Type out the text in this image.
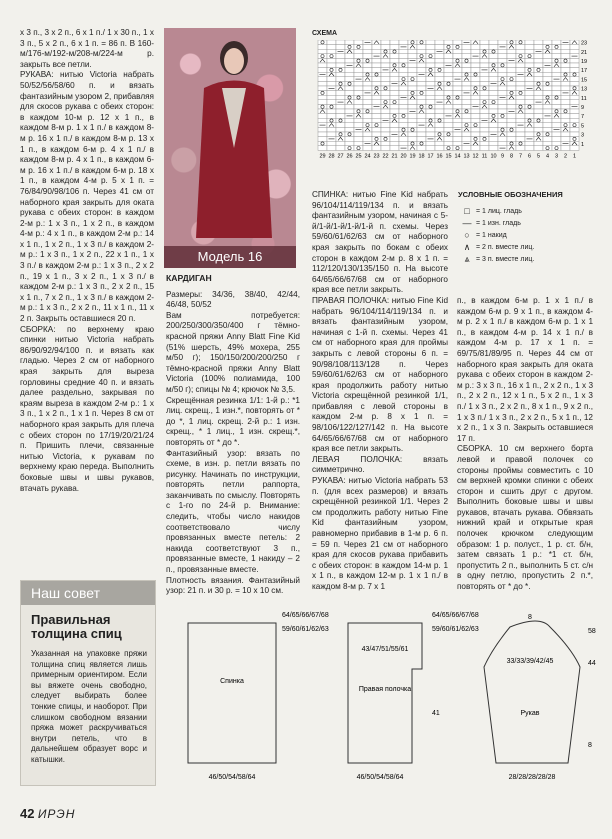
х 3 п., 3 х 2 п., 6 х 1 п./ 1 х 30 п., 1 х 3 п., 5 х 2 п., 6 х 1 п. = 86 п. В 160-м/176-м/192-м/208-м/224-м р. закрыть все петли.

РУКАВА: нитью Victoria набрать 50/52/56/58/60 п. и вязать фантазийным узором 2, прибавляя для скосов рукава с обеих сторон: в каждом 10-м р. 12 х 1 п., в каждом 8-м р. 1 х 1 п./ в каждом 8-м р. 16 х 1 п./ в каждом 8-м р. 13 х 1 п., в каждом 6-м р. 4 х 1 п./ в каждом 8-м р. 4 х 1 п., в каждом 6-м р. 16 х 1 п./ в каждом 6-м р. 18 х 1 п., в каждом 4-м р. 5 х 1 п. = 76/84/90/98/106 п. Через 41 см от наборного края закрыть для оката рукава с обеих сторон: в каждом 2-м р.: 1 х 3 п., 1 х 2 п., в каждом 4-м р.: 4 х 1 п., в каждом 2-м р.: 14 х 1 п., 1 х 2 п., 1 х 3 п./ в каждом 2-м р.: 1 х 3 п., 1 х 2 п., 22 х 1 п., 1 х 3 п./ в каждом 2-м р.: 1 х 3 п., 2 х 2 п., 19 х 1 п., 3 х 2 п., 1 х 3 п./ в каждом 2-м р.: 1 х 3 п., 2 х 2 п., 15 х 1 п., 7 х 2 п., 1 х 3 п./ в каждом 2-м р.: 1 х 3 п., 2 х 2 п., 11 х 1 п., 11 х 2 п. Закрыть оставшиеся 20 п.

СБОРКА: по верхнему краю спинки нитью Victoria набрать 86/90/92/94/100 п. и вязать как гладью. Через 2 см от наборного края закрыть для выреза горловины средние 40 п. и вязать далее раздельно, закрывая по краям выреза в каждом 2-м р.: 1 х 3 п., 1 х 2 п., 1 х 1 п. Через 8 см от наборного края закрыть для плеча с обеих сторон по 17/19/20/21/24 п. Пришить плечи, связанные нитью Victoria, к рукавам по верхнему краю переда. Выполнить боковые швы и швы рукавов, втачать рукава.

Модель 16
СХЕМА
23
21
19
17
15
13
11
9
7
5
3
1
29 28 27 26 25 24 23 22 21 20 19 18 17 16 15 14 13 12 11 10 9 8 7 6 5 4 3 2 1
УСЛОВНЫЕ ОБОЗНАЧЕНИЯ
□ = 1 лиц. гладь
— = 1 изн. гладь
○ = 1 накид
∧ = 2 п. вместе лиц.
⩓ = 3 п. вместе лиц.

КАРДИГАН

Размеры: 34/36, 38/40, 42/44, 46/48, 50/52

Вам потребуется: 200/250/300/350/400 г тёмно-красной пряжи Anny Blatt Fine Kid (51% шерсть, 49% мохера, 255 м/50 г); 150/150/200/200/250 г тёмно-красной пряжи Anny Blatt Victoria (100% полиамида, 100 м/50 г); спицы № 4; крючок № 3,5.

Скрещённая резинка 1/1: 1-й р.: *1 лиц. скрещ., 1 изн.*, повторять от * до *, 1 лиц. скрещ. 2-й р.: 1 изн. скрещ., * 1 лиц., 1 изн. скрещ.*, повторять от * до *.

Фантазийный узор: вязать по схеме, в изн. р. петли вязать по рисунку. Начинать по инструкции, повторять петли раппорта, заканчивать по смыслу. Повторять с 1-го по 24-й р. Внимание: следить, чтобы число накидов соответствовало числу провязанных вместе петель: 2 накида соответствуют 3 п., провязанные вместе, 1 накиду – 2 п., провязанные вместе.

Плотность вязания. Фантазийный узор: 21 п. и 30 р. = 10 х 10 см.

СПИНКА: нитью Fine Kid набрать 96/104/114/119/134 п. и вязать фантазийным узором, начиная с 5-й/1-й/1-й/1-й/1-й п. схемы. Через 59/60/61/62/63 см от наборного края закрыть по бокам с обеих сторон в каждом 2-м р. 8 х 1 п. = 112/120/130/135/150 п. На высоте 64/65/66/67/68 см от наборного края все петли закрыть.

ПРАВАЯ ПОЛОЧКА: нитью Fine Kid набрать 96/104/114/119/134 п. и вязать фантазийным узором, начиная с 1-й п. схемы. Через 41 см от наборного края для проймы закрыть с левой стороны 6 п. = 90/98/108/113/128 п. Через 59/60/61/62/63 см от наборного края продолжить работу нитью Victoria скрещённой резинкой 1/1, прибавляя с левой стороны в каждом 2-м р. 8 х 1 п. = 98/106/122/127/142 п. На высоте 64/65/66/67/68 см от наборного края все петли закрыть.

ЛЕВАЯ ПОЛОЧКА: вязать симметрично.

РУКАВА: нитью Victoria набрать 53 п. (для всех размеров) и вязать скрещённой резинкой 1/1. Через 2 см продолжить работу нитью Fine Kid фантазийным узором, равномерно прибавив в 1-м р. 6 п. = 59 п. Через 21 см от наборного края для скосов рукава прибавить с обеих сторон: в каждом 14-м р. 1 х 1 п., в каждом 12-м р. 1 х 1 п./ в каждом 8-м р. 7 х 1

п., в каждом 6-м р. 1 х 1 п./ в каждом 6-м р. 9 х 1 п., в каждом 4-м р. 2 х 1 п./ в каждом 6-м р. 1 х 1 п., в каждом 4-м р. 14 х 1 п./ в каждом 4-м р. 17 х 1 п. = 69/75/81/89/95 п. Через 44 см от наборного края закрыть для оката рукава с обеих сторон в каждом 2-м р.: 3 х 3 п., 16 х 1 п., 2 х 2 п., 1 х 3 п., 2 х 2 п., 12 х 1 п., 5 х 2 п., 1 х 3 п./ 1 х 3 п., 2 х 2 п., 8 х 1 п., 9 х 2 п., 1 х 3 п./ 1 х 3 п., 2 х 2 п., 5 х 1 п., 12 х 2 п., 1 х 3 п. Закрыть оставшиеся 17 п.

СБОРКА. 10 см верхнего борта левой и правой полочек со стороны проймы совместить с 10 см верхней кромки спинки с обеих сторон и сшить друг с другом. Выполнить боковые швы и швы рукавов, втачать рукава. Обвязать нижний край и открытые края полочек крючком следующим образом: 1 р. полуст., 1 р. ст. б/н, затем связать 1 р.: *1 ст. б/н, пропустить 2 п., выполнить 5 ст. с/н в одну петлю, пропустить 2 п.*, повторять от * до *.

Наш совет
Правильная толщина спиц
Указанная на упаковке пряжи толщина спиц является лишь примерным ориентиром. Если вы вяжете очень свободно, следует выбирать более тонкие спицы, и наоборот. При слишком свободном вязании пряжа может раскручиваться внутри петель, что в дальнейшем образует ворс и катышки.
Спинка
64/65/66/67/68
59/60/61/62/63
46/50/54/58/64
Правая полочка
64/65/66/67/68
59/60/61/62/63
43/47/51/55/61
41
46/50/54/58/64
8
33/33/39/42/45
Рукав
58
44
8
28/28/28/28/28
42 ИРЭН
